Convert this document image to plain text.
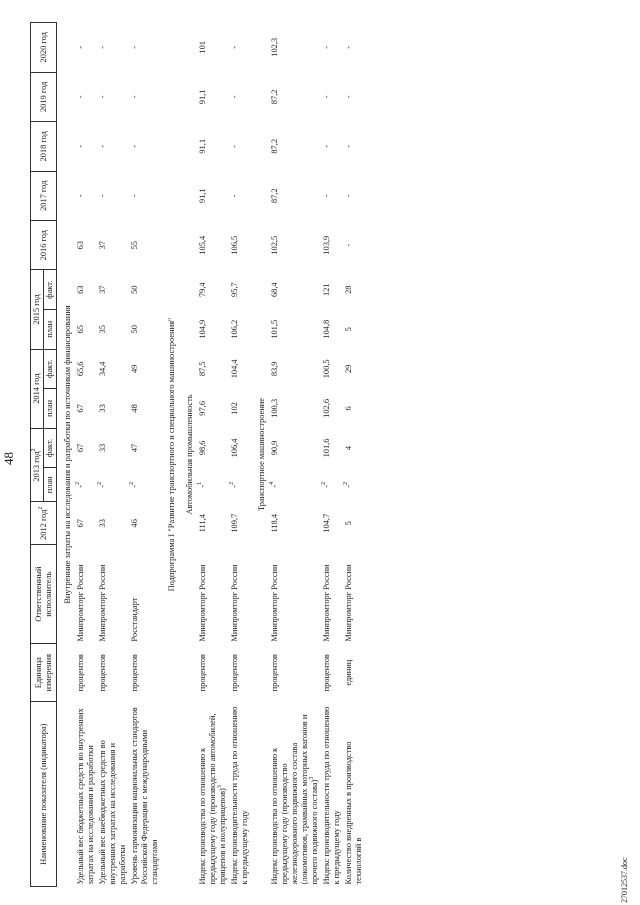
48
Наименование показателя (индикатора)	Единица измерения	Ответственный исполнитель	2012 год$^2$	2013 год$^2$		2014 год		2015 год		2016 год	2017 год	2018 год	2019 год	2020 год
				план	факт.	план	факт.	план	факт.					
Внутренние затраты на исследования и разработки по источникам финансирования														
Удельный вес бюджетных средств во внутренних затратах на исследования и разработки	процентов	Минпромторг России	67	-$^2$	67	67	65,6	65	63	63	-	-	-	-
Удельный вес внебюджетных средств во внутренних затратах на исследования и разработки	процентов	Минпромторг России	33	-$^2$	33	33	34,4	35	37	37	-	-	-	-
Уровень гармонизации национальных стандартов Российской Федерации с международными стандартами	процентов	Росстандарт	46	-$^2$	47	48	49	50	50	55	-	-	-	-
Подпрограмма I "Развитие транспортного и специального машиностроения"														
Автомобильная промышленность														
Индекс производства по отношению к предыдущему году (производство автомобилей, прицепов и полуприцепов)$^3$	процентов	Минпромторг России	111,4	-$^1$	98,6	97,6	87,5	104,9	79,4	105,4	91,1	91,1	91,1	101
Индекс производительности труда по отношению к предыдущему году	процентов	Минпромторг России	109,7	-$^2$	106,4	102	104,4	106,2	95,7	106,5	-	-	-	-
Транспортное машиностроение														
Индекс производства по отношению к предыдущему году (производство железнодорожного подвижного состава (локомотивов, трамвайных моторных вагонов и прочего подвижного состава)$^3$	процентов	Минпромторг России	118,4	-$^4$	90,9	100,3	83,9	101,5	68,4	102,5	87,2	87,2	87,2	102,3
Индекс производительности труда по отношению к предыдущему году	процентов	Минпромторг России	104,7	-$^2$	101,6	102,6	100,5	104,8	121	103,9	-	-	-	-
Количество внедренных в производство технологий в	единиц	Минпромторг России	5	-$^2$	4	6	29	5	28	-	-	-	-	-
27012537.doc
